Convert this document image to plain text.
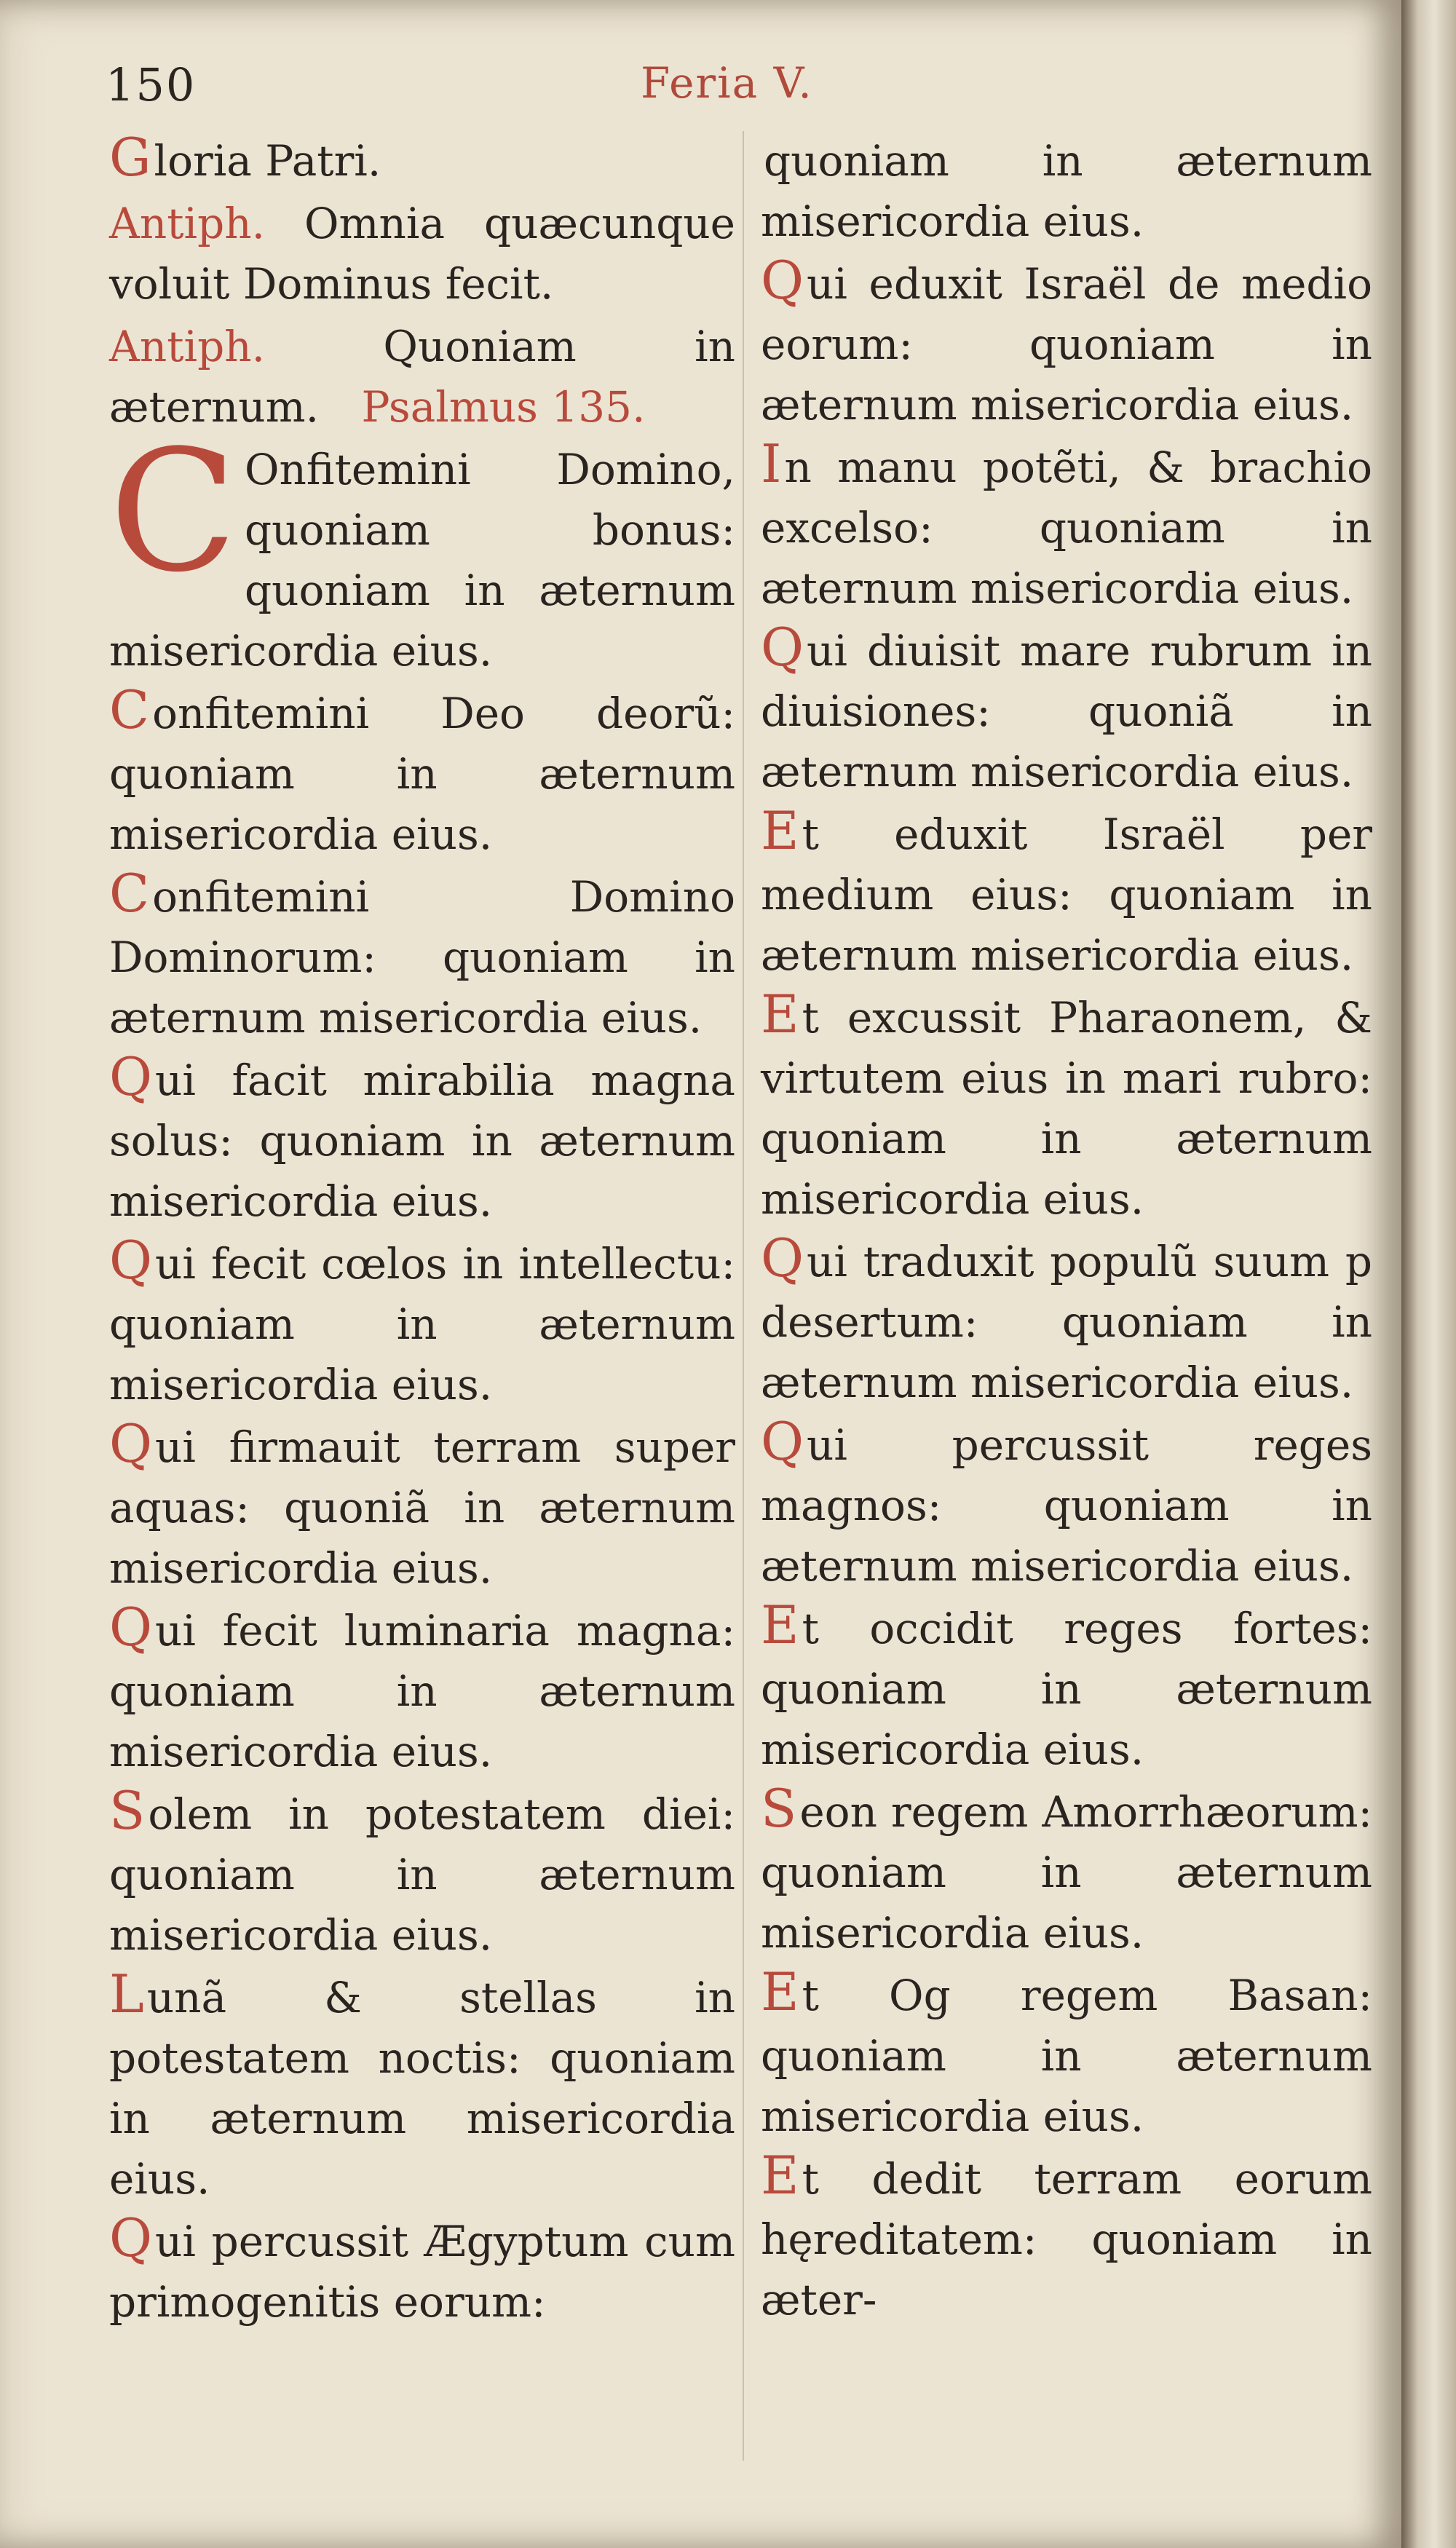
150	Feria V.

Gloria Patri.

Antiph. Omnia quæcunque voluit Dominus fecit.

Antiph.	Quoniam in æternum. Psalmus 135.

C Onfitemini Domino, quoniam bonus: quoniam in æternum misericordia eius.

Confitemini Deo deorũ: quoniam in æternum misericordia eius.

Confitemini Domino Dominorum: quoniam in æternum misericordia eius.

Qui facit mirabilia magna solus: quoniam in æternum misericordia eius.

Qui fecit cœlos in intellectu: quoniam in æternum misericordia eius.

Qui firmauit terram super aquas: quoniã in æternum misericordia eius.

Qui fecit luminaria magna: quoniam in æternum misericordia eius.

Solem in potestatem diei: quoniam in æternum misericordia eius.

Lunã & stellas in potestatem noctis: quoniam in æternum misericordia eius.

Qui percussit Ægyptum cum primogenitis eorum:

quoniam in æternum misericordia eius.

Qui eduxit Israël de medio eorum: quoniam in æternum misericordia eius.

In manu potẽti, & brachio excelso: quoniam in æternum misericordia eius.

Qui diuisit mare rubrum in diuisiones: quoniã in æternum misericordia eius.

Et eduxit Israël per medium eius: quoniam in æternum misericordia eius.

Et excussit Pharaonem, & virtutem eius in mari rubro: quoniam in æternum misericordia eius.

Qui traduxit populũ suum p desertum: quoniam in æternum misericordia eius.

Qui percussit reges magnos: quoniam in æternum misericordia eius.

Et occidit reges fortes: quoniam in æternum misericordia eius.

Seon regem Amorrhæorum: quoniam in æternum misericordia eius.

Et Og regem Basan: quoniam in æternum misericordia eius.

Et dedit terram eorum hęreditatem: quoniam in æter-
